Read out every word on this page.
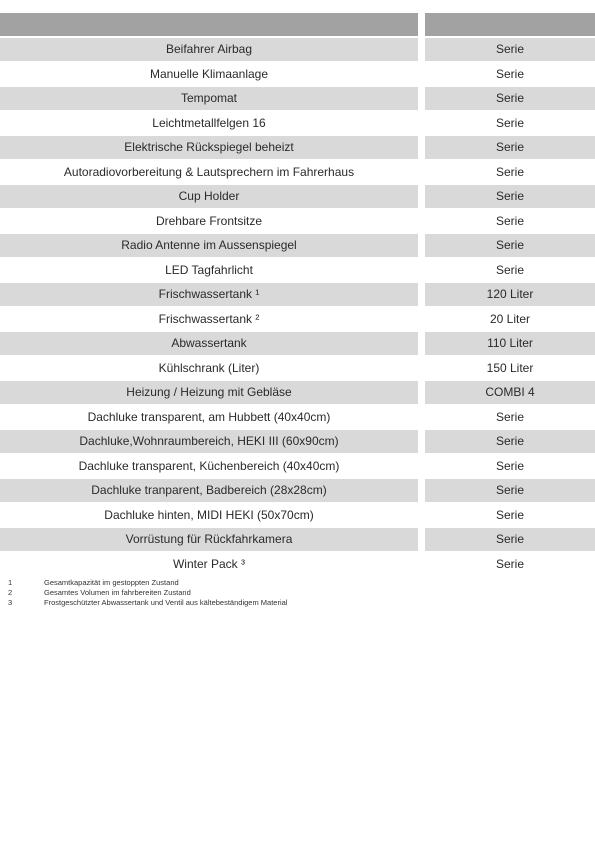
Beifahrer Airbag	Serie
Manuelle Klimaanlage	Serie
Tempomat	Serie
Leichtmetallfelgen 16	Serie
Elektrische Rückspiegel beheizt	Serie
Autoradiovorbereitung & Lautsprechern im Fahrerhaus	Serie
Cup Holder	Serie
Drehbare Frontsitze	Serie
Radio Antenne im Aussenspiegel	Serie
LED Tagfahrlicht	Serie
Frischwassertank ¹	120 Liter
Frischwassertank ²	20 Liter
Abwassertank	110 Liter
Kühlschrank (Liter)	150 Liter
Heizung / Heizung mit Gebläse	COMBI 4
Dachluke transparent, am Hubbett (40x40cm)	Serie
Dachluke,Wohnraumbereich, HEKI III (60x90cm)	Serie
Dachluke transparent, Küchenbereich (40x40cm)	Serie
Dachluke tranparent, Badbereich (28x28cm)	Serie
Dachluke hinten, MIDI HEKI (50x70cm)	Serie
Vorrüstung für Rückfahrkamera	Serie
Winter Pack ³	Serie
1	Gesamtkapazität im gestoppten Zustand
2	Gesamtes Volumen im fahrbereiten Zustand
3	Frostgeschützter Abwassertank und Ventil aus kältebeständigem Material
